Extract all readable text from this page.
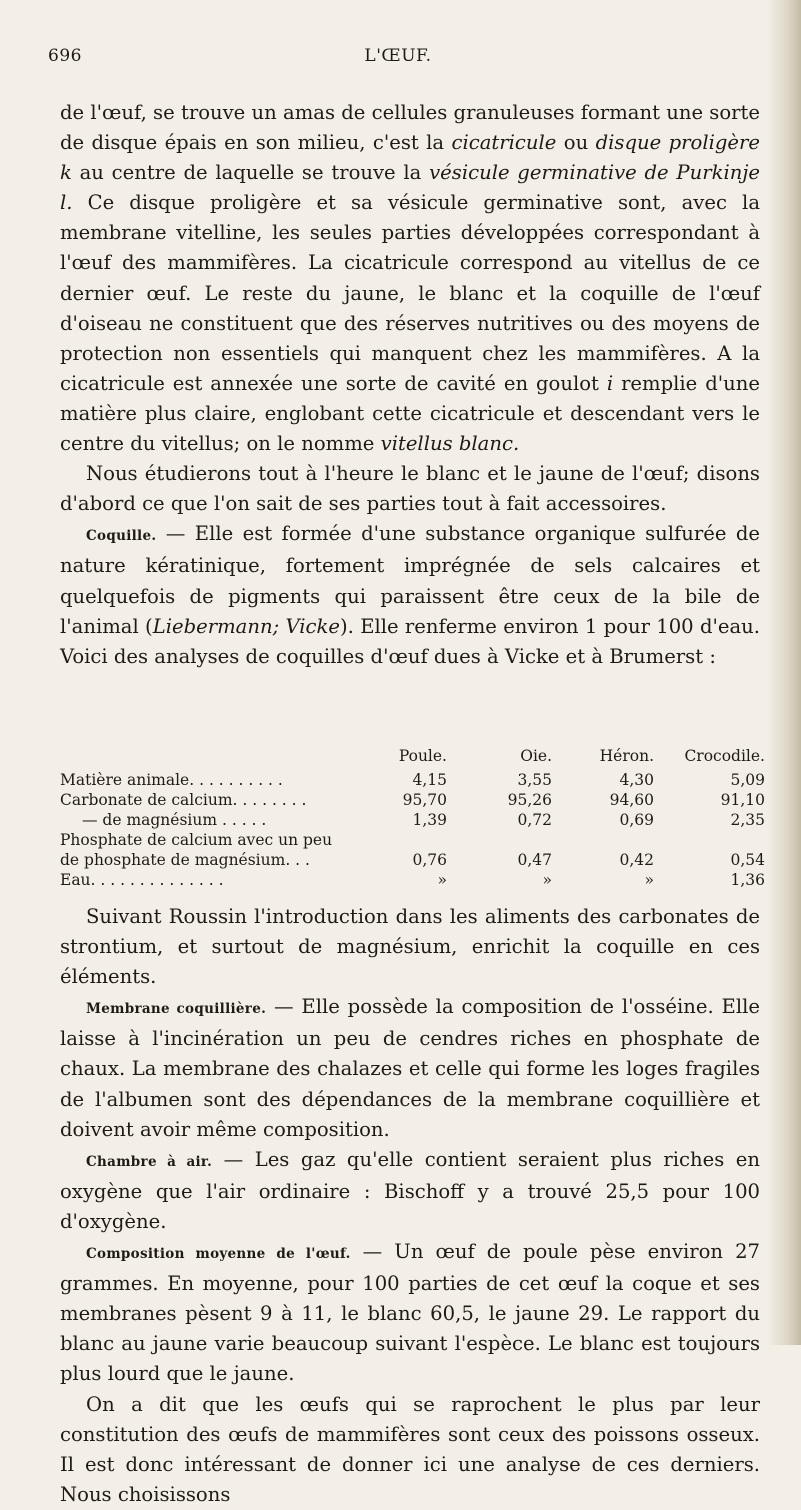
696	L'ŒUF.

de l'œuf, se trouve un amas de cellules granuleuses formant une sorte de disque épais en son milieu, c'est la cicatricule ou disque proligère k au centre de laquelle se trouve la vésicule germinative de Purkinje l. Ce disque proligère et sa vésicule germinative sont, avec la membrane vitelline, les seules parties développées correspondant à l'œuf des mammifères. La cicatricule correspond au vitellus de ce dernier œuf. Le reste du jaune, le blanc et la coquille de l'œuf d'oiseau ne constituent que des réserves nutritives ou des moyens de protection non essentiels qui manquent chez les mammifères. A la cicatricule est annexée une sorte de cavité en goulot i remplie d'une matière plus claire, englobant cette cicatricule et descendant vers le centre du vitellus; on le nomme vitellus blanc.

Nous étudierons tout à l'heure le blanc et le jaune de l'œuf; disons d'abord ce que l'on sait de ses parties tout à fait accessoires.

Coquille. — Elle est formée d'une substance organique sulfurée de nature kératinique, fortement imprégnée de sels calcaires et quelquefois de pigments qui paraissent être ceux de la bile de l'animal (Liebermann; Vicke). Elle renferme environ 1 pour 100 d'eau. Voici des analyses de coquilles d'œuf dues à Vicke et à Brumerst :

	Poule.	Oie.	Héron.	Crocodile.
Matière animale. . . . . . . . . .	4,15	3,55	4,30	5,09
Carbonate de calcium. . . . . . . .	95,70	95,26	94,60	91,10
— de magnésium . . . . .	1,39	0,72	0,69	2,35
Phosphate de calcium avec un peu				
de phosphate de magnésium. . .	0,76	0,47	0,42	0,54
Eau. . . . . . . . . . . . . .	»	»	»	1,36

Suivant Roussin l'introduction dans les aliments des carbonates de strontium, et surtout de magnésium, enrichit la coquille en ces éléments.

Membrane coquillière. — Elle possède la composition de l'osséine. Elle laisse à l'incinération un peu de cendres riches en phosphate de chaux. La membrane des chalazes et celle qui forme les loges fragiles de l'albumen sont des dépendances de la membrane coquillière et doivent avoir même composition.

Chambre à air. — Les gaz qu'elle contient seraient plus riches en oxygène que l'air ordinaire : Bischoff y a trouvé 25,5 pour 100 d'oxygène.

Composition moyenne de l'œuf. — Un œuf de poule pèse environ 27 grammes. En moyenne, pour 100 parties de cet œuf la coque et ses membranes pèsent 9 à 11, le blanc 60,5, le jaune 29. Le rapport du blanc au jaune varie beaucoup suivant l'espèce. Le blanc est toujours plus lourd que le jaune.

On a dit que les œufs qui se raprochent le plus par leur constitution des œufs de mammifères sont ceux des poissons osseux. Il est donc intéressant de donner ici une analyse de ces derniers. Nous choisissons
